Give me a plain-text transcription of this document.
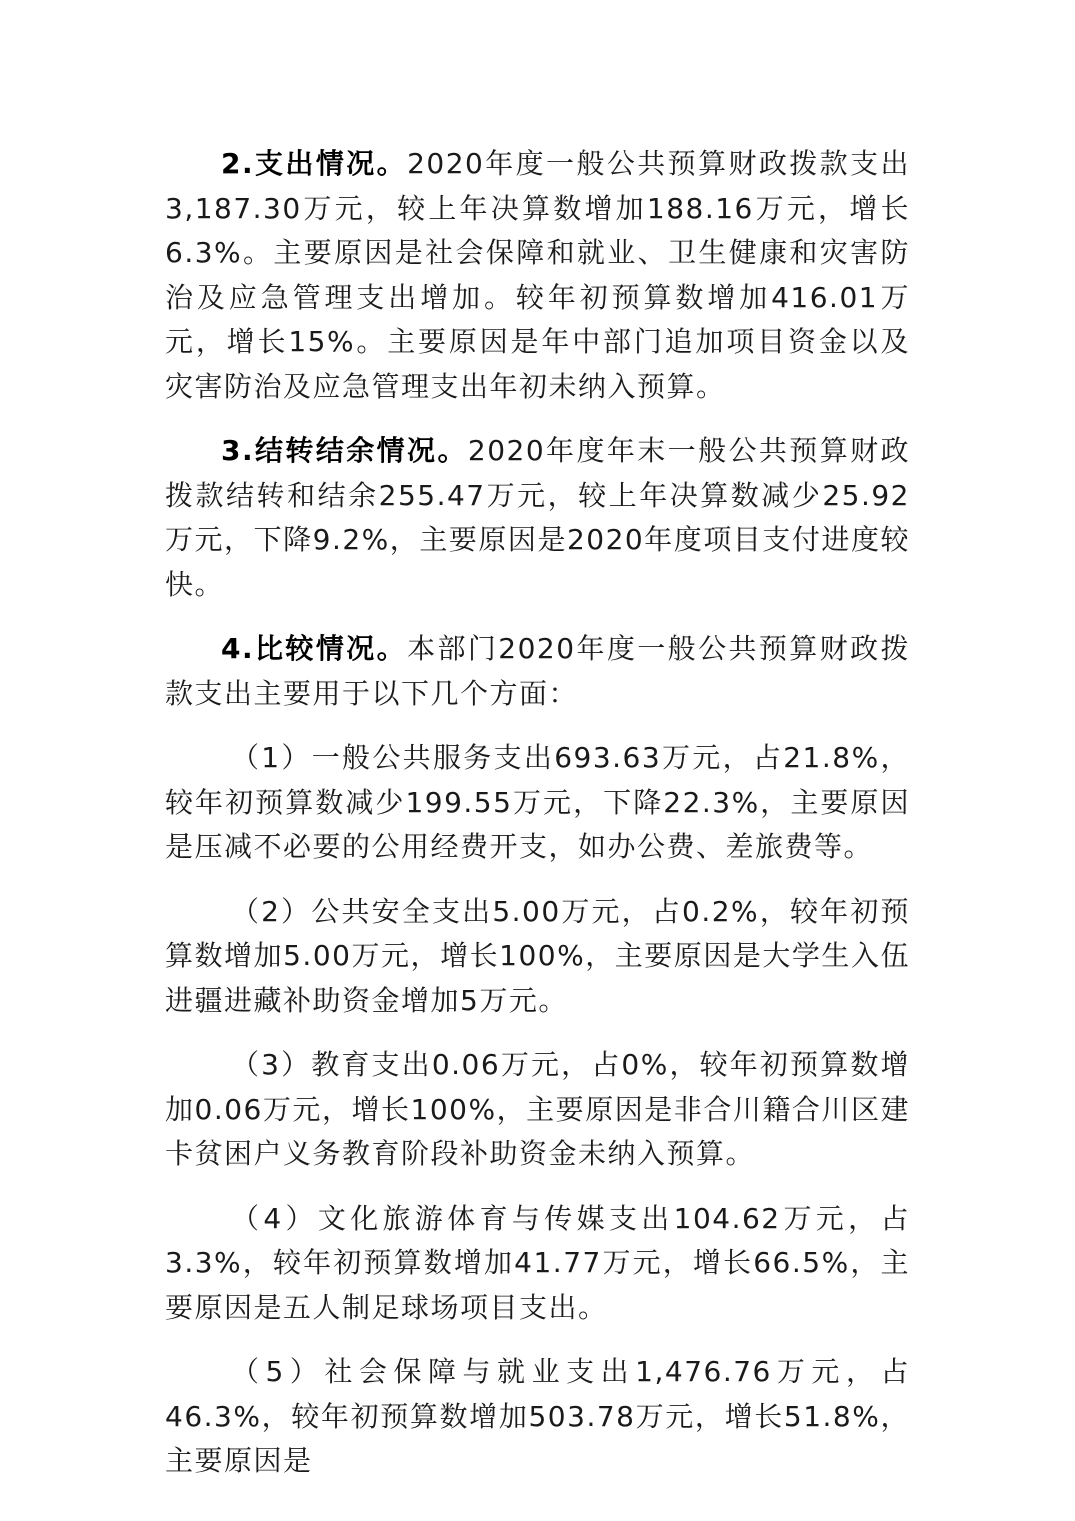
2.支出情况。2020年度一般公共预算财政拨款支出3,187.30万元，较上年决算数增加188.16万元，增长6.3%。主要原因是社会保障和就业、卫生健康和灾害防治及应急管理支出增加。较年初预算数增加416.01万元，增长15%。主要原因是年中部门追加项目资金以及灾害防治及应急管理支出年初未纳入预算。

3.结转结余情况。2020年度年末一般公共预算财政拨款结转和结余255.47万元，较上年决算数减少25.92万元，下降9.2%，主要原因是2020年度项目支付进度较快。

4.比较情况。本部门2020年度一般公共预算财政拨款支出主要用于以下几个方面：

（1）一般公共服务支出693.63万元，占21.8%，较年初预算数减少199.55万元，下降22.3%，主要原因是压减不必要的公用经费开支，如办公费、差旅费等。

（2）公共安全支出5.00万元，占0.2%，较年初预算数增加5.00万元，增长100%，主要原因是大学生入伍进疆进藏补助资金增加5万元。

（3）教育支出0.06万元，占0%，较年初预算数增加0.06万元，增长100%，主要原因是非合川籍合川区建卡贫困户义务教育阶段补助资金未纳入预算。

（4）文化旅游体育与传媒支出104.62万元，占3.3%，较年初预算数增加41.77万元，增长66.5%，主要原因是五人制足球场项目支出。

（5）社会保障与就业支出1,476.76万元，占46.3%，较年初预算数增加503.78万元，增长51.8%，主要原因是
